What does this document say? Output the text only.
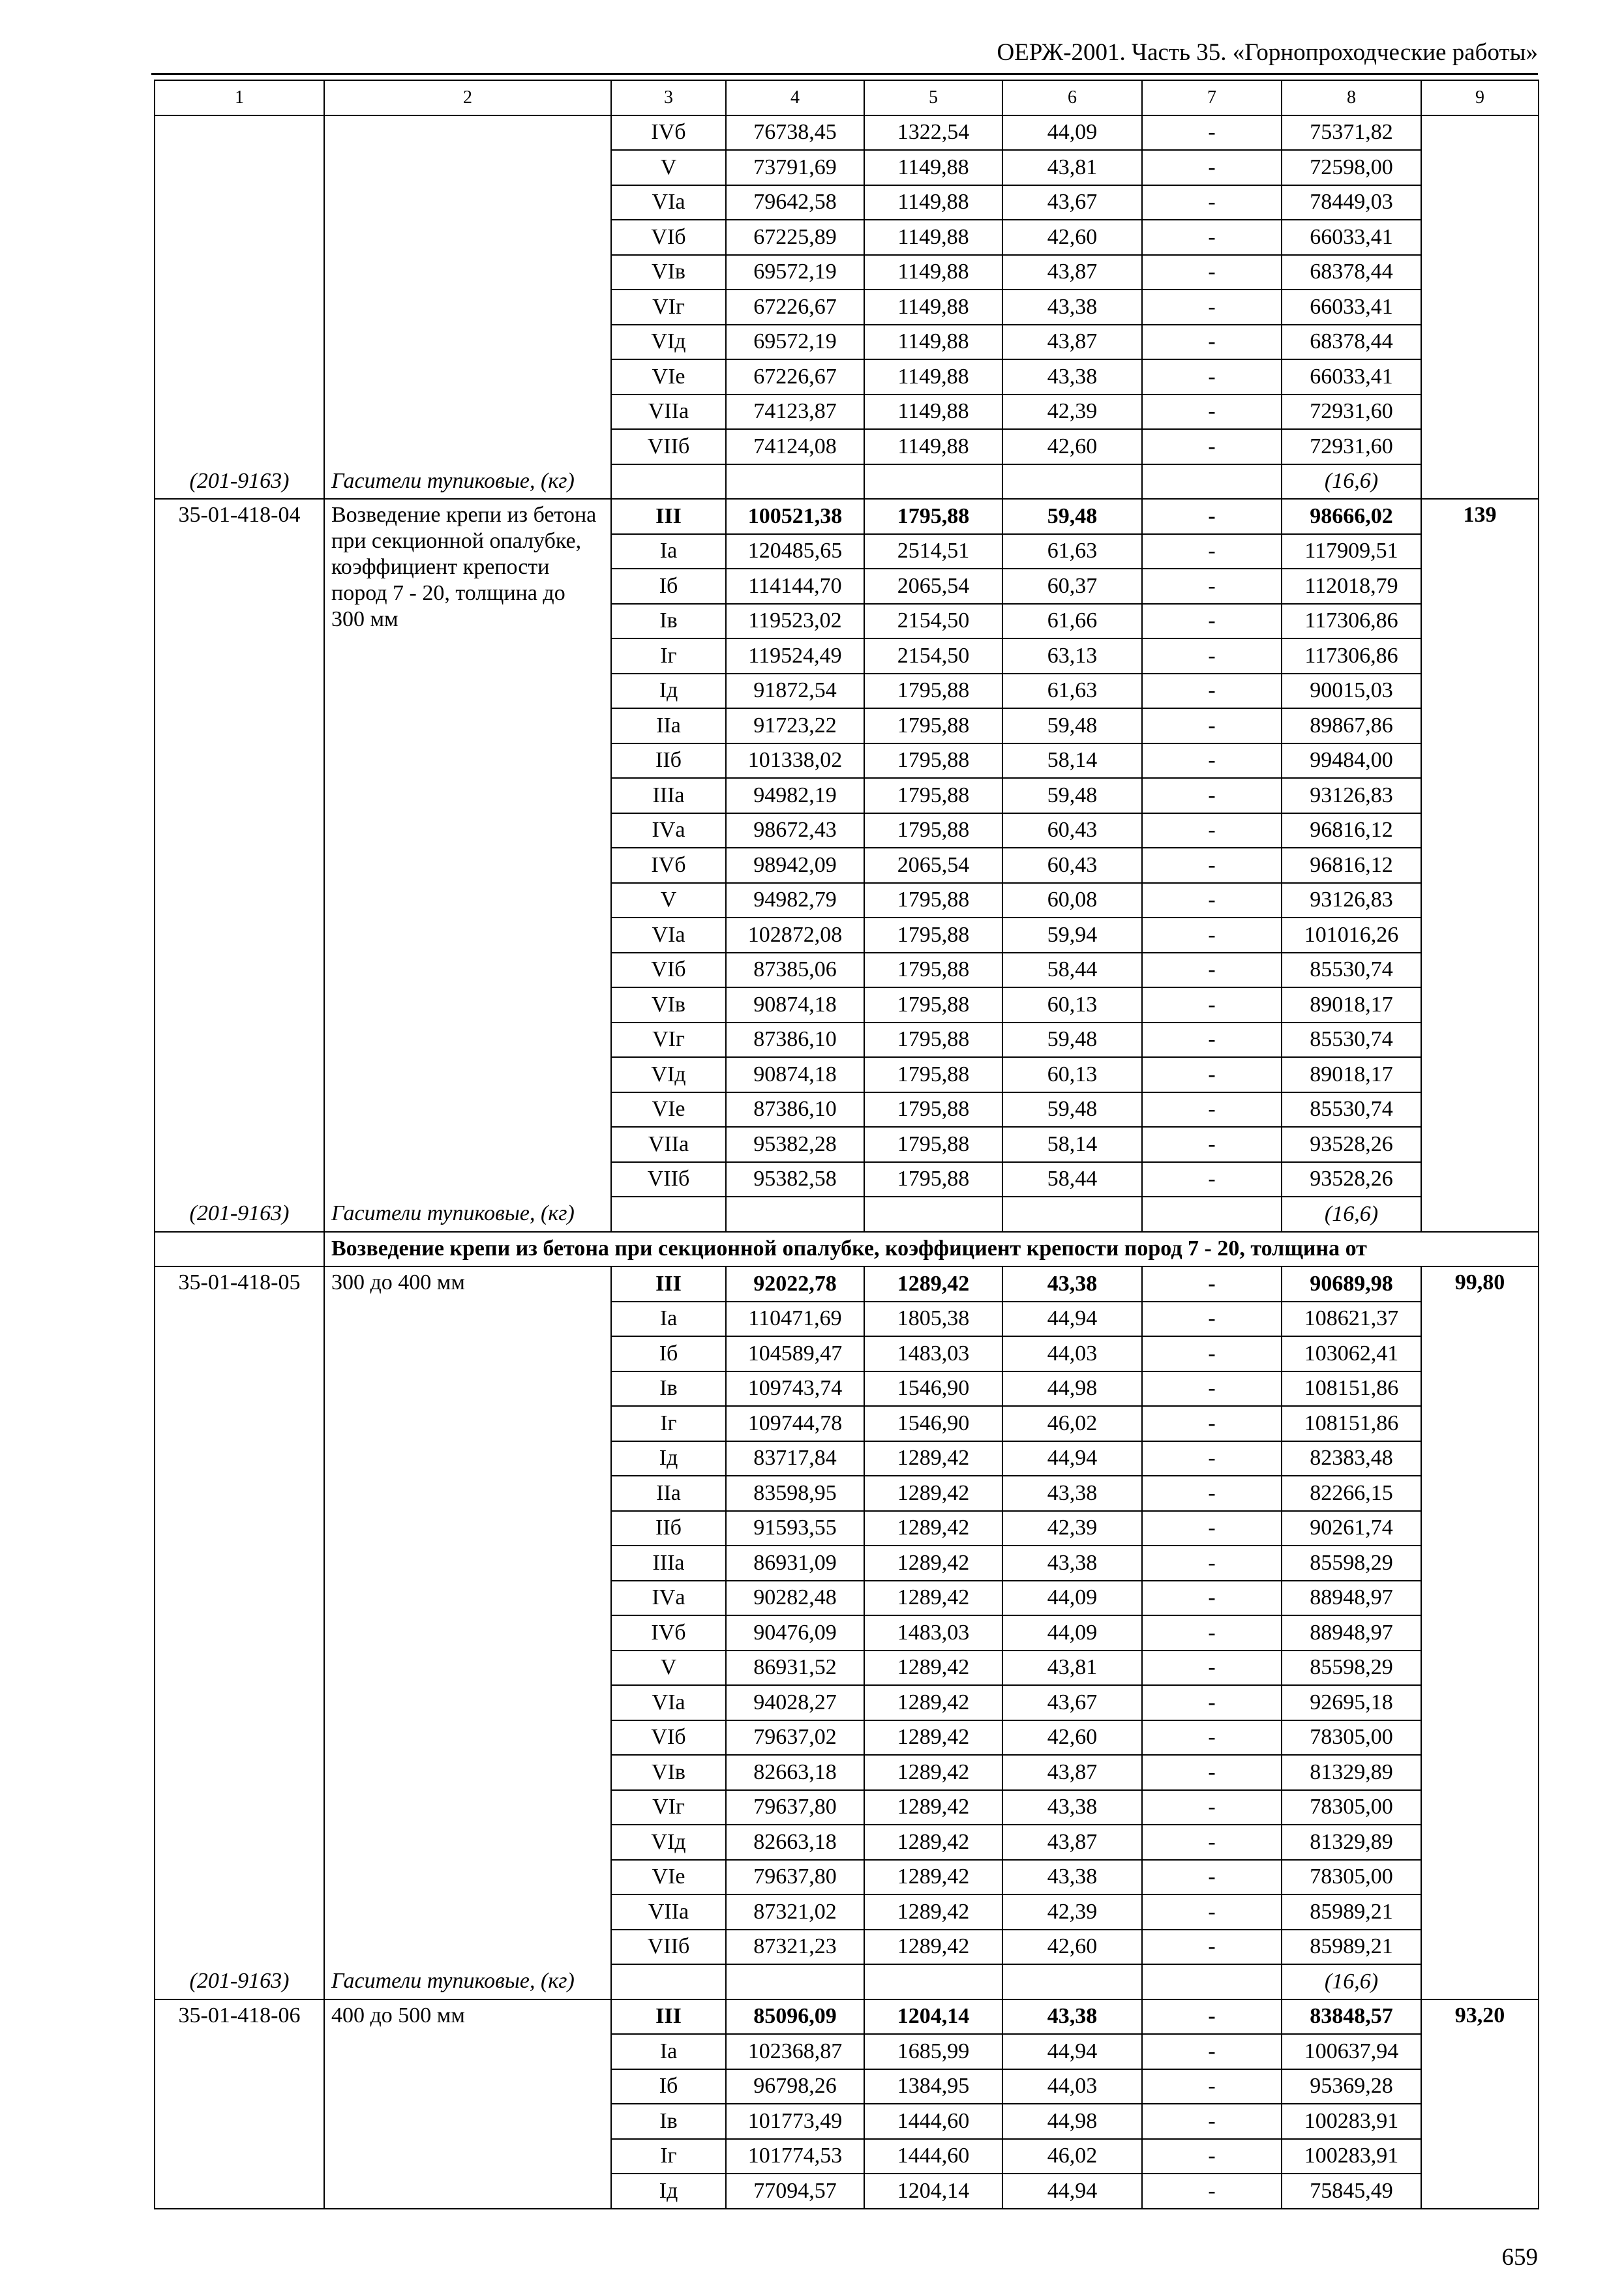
ОЕРЖ-2001. Часть 35. «Горнопроходческие работы»
1	2	3	4	5	6	7	8	9
		IVб	76738,45	1322,54	44,09	-	75371,82	
		V	73791,69	1149,88	43,81	-	72598,00	
		VIа	79642,58	1149,88	43,67	-	78449,03	
		VIб	67225,89	1149,88	42,60	-	66033,41	
		VIв	69572,19	1149,88	43,87	-	68378,44	
		VIг	67226,67	1149,88	43,38	-	66033,41	
		VIд	69572,19	1149,88	43,87	-	68378,44	
		VIе	67226,67	1149,88	43,38	-	66033,41	
		VIIа	74123,87	1149,88	42,39	-	72931,60	
		VIIб	74124,08	1149,88	42,60	-	72931,60	
(201-9163)	Гасители тупиковые, (кг)						(16,6)	
35-01-418-04	Возведение крепи из бетона при секционной опалубке, коэффициент крепости пород 7 - 20, толщина до 300 мм	III	100521,38	1795,88	59,48	-	98666,02	139
		Iа	120485,65	2514,51	61,63	-	117909,51	
		Iб	114144,70	2065,54	60,37	-	112018,79	
		Iв	119523,02	2154,50	61,66	-	117306,86	
		Iг	119524,49	2154,50	63,13	-	117306,86	
		Iд	91872,54	1795,88	61,63	-	90015,03	
		IIа	91723,22	1795,88	59,48	-	89867,86	
		IIб	101338,02	1795,88	58,14	-	99484,00	
		IIIа	94982,19	1795,88	59,48	-	93126,83	
		IVа	98672,43	1795,88	60,43	-	96816,12	
		IVб	98942,09	2065,54	60,43	-	96816,12	
		V	94982,79	1795,88	60,08	-	93126,83	
		VIа	102872,08	1795,88	59,94	-	101016,26	
		VIб	87385,06	1795,88	58,44	-	85530,74	
		VIв	90874,18	1795,88	60,13	-	89018,17	
		VIг	87386,10	1795,88	59,48	-	85530,74	
		VIд	90874,18	1795,88	60,13	-	89018,17	
		VIе	87386,10	1795,88	59,48	-	85530,74	
		VIIа	95382,28	1795,88	58,14	-	93528,26	
		VIIб	95382,58	1795,88	58,44	-	93528,26	
(201-9163)	Гасители тупиковые, (кг)						(16,6)	
	Возведение крепи из бетона при секционной опалубке, коэффициент крепости пород 7 - 20, толщина от							
35-01-418-05	300 до 400 мм	III	92022,78	1289,42	43,38	-	90689,98	99,80
		Iа	110471,69	1805,38	44,94	-	108621,37	
		Iб	104589,47	1483,03	44,03	-	103062,41	
		Iв	109743,74	1546,90	44,98	-	108151,86	
		Iг	109744,78	1546,90	46,02	-	108151,86	
		Iд	83717,84	1289,42	44,94	-	82383,48	
		IIа	83598,95	1289,42	43,38	-	82266,15	
		IIб	91593,55	1289,42	42,39	-	90261,74	
		IIIа	86931,09	1289,42	43,38	-	85598,29	
		IVа	90282,48	1289,42	44,09	-	88948,97	
		IVб	90476,09	1483,03	44,09	-	88948,97	
		V	86931,52	1289,42	43,81	-	85598,29	
		VIа	94028,27	1289,42	43,67	-	92695,18	
		VIб	79637,02	1289,42	42,60	-	78305,00	
		VIв	82663,18	1289,42	43,87	-	81329,89	
		VIг	79637,80	1289,42	43,38	-	78305,00	
		VIд	82663,18	1289,42	43,87	-	81329,89	
		VIе	79637,80	1289,42	43,38	-	78305,00	
		VIIа	87321,02	1289,42	42,39	-	85989,21	
		VIIб	87321,23	1289,42	42,60	-	85989,21	
(201-9163)	Гасители тупиковые, (кг)						(16,6)	
35-01-418-06	400 до 500 мм	III	85096,09	1204,14	43,38	-	83848,57	93,20
		Iа	102368,87	1685,99	44,94	-	100637,94	
		Iб	96798,26	1384,95	44,03	-	95369,28	
		Iв	101773,49	1444,60	44,98	-	100283,91	
		Iг	101774,53	1444,60	46,02	-	100283,91	
		Iд	77094,57	1204,14	44,94	-	75845,49	
659
